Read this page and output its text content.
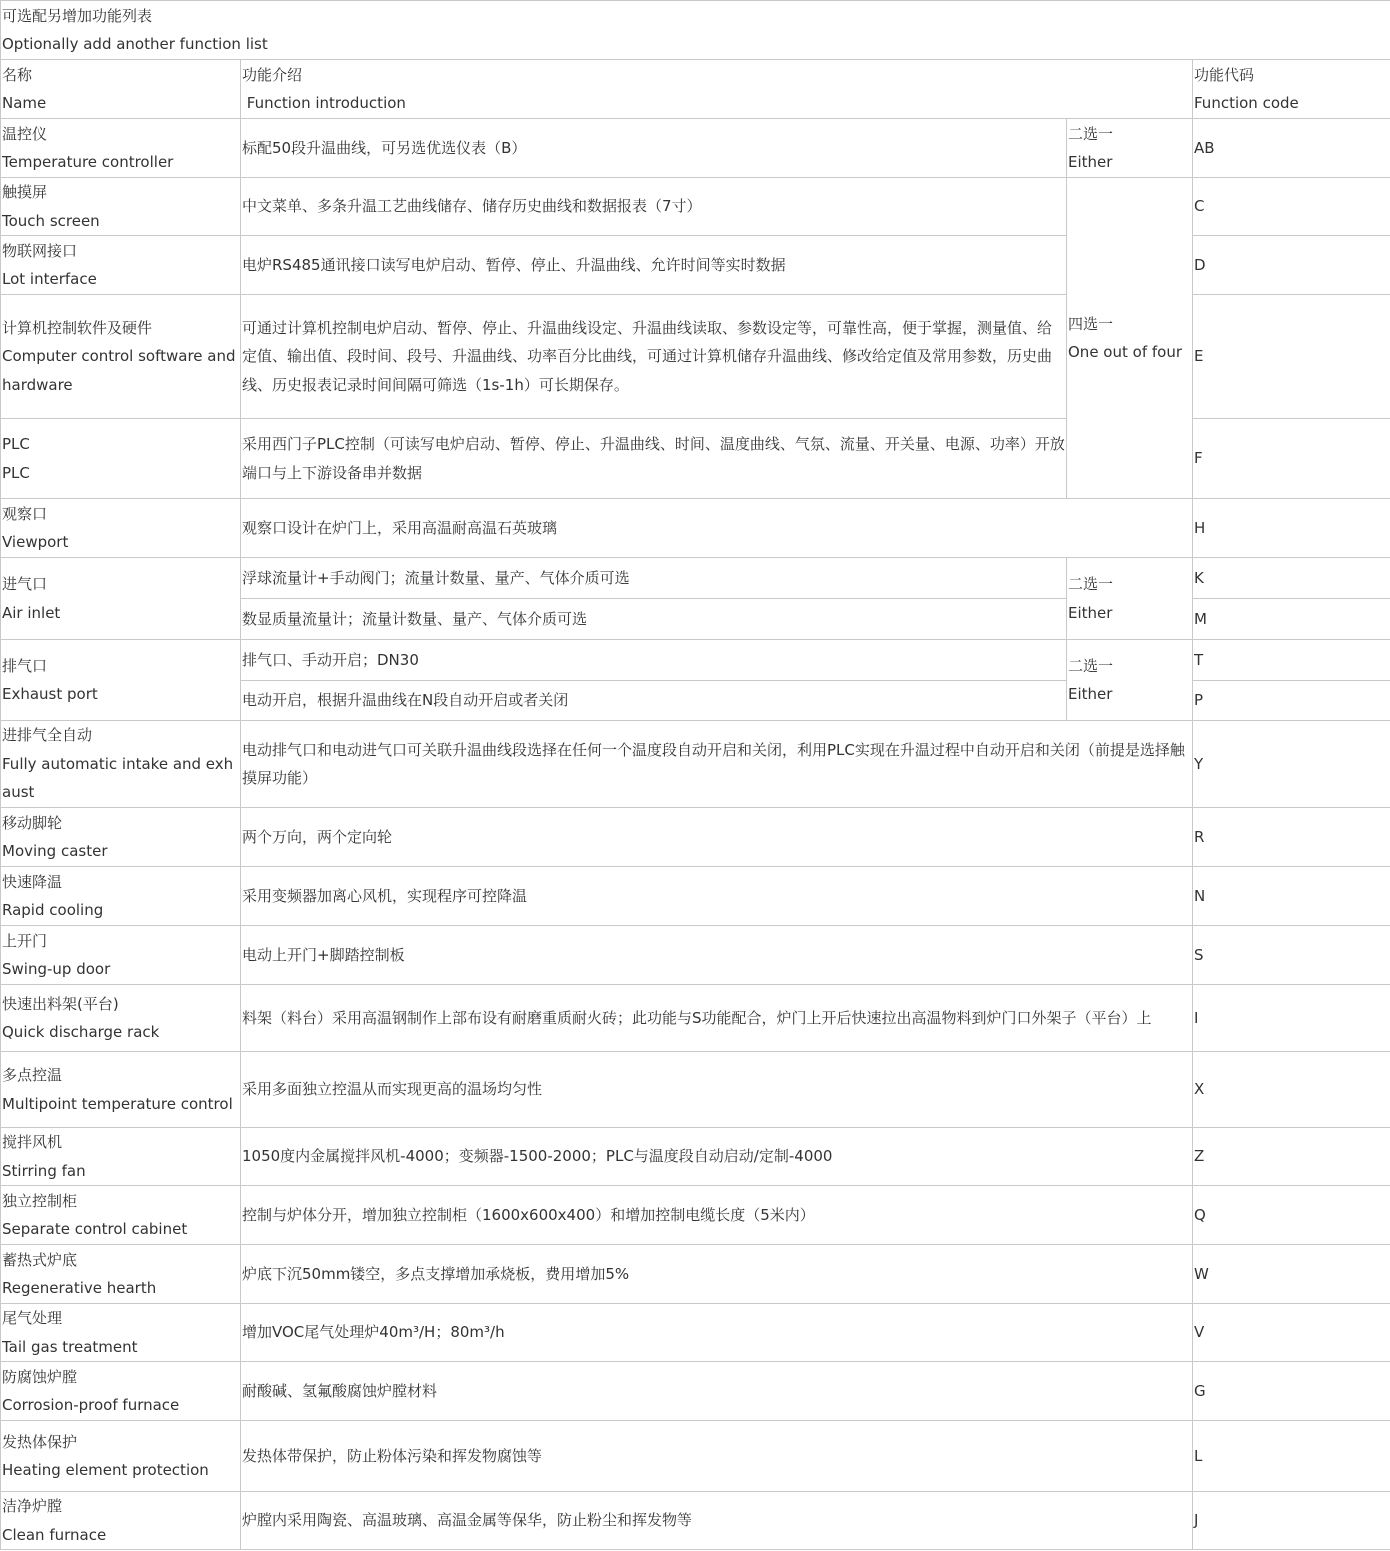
可选配另增加功能列表
Optionally add another function list			

名称
Name	功能介绍
Function introduction		功能代码
Function code

温控仪
Temperature controller	标配50段升温曲线，可另选优选仪表（B）	二选一
Either	AB

触摸屏
Touch screen	中文菜单、多条升温工艺曲线储存、储存历史曲线和数据报表（7寸）	四选一
One out of four	C

物联网接口
Lot interface	电炉RS485通讯接口读写电炉启动、暂停、停止、升温曲线、允许时间等实时数据		D

计算机控制软件及硬件
Computer control software and hardware	可通过计算机控制电炉启动、暂停、停止、升温曲线设定、升温曲线读取、参数设定等，可靠性高，便于掌握，测量值、给定值、输出值、段时间、段号、升温曲线、功率百分比曲线，可通过计算机储存升温曲线、修改给定值及常用参数，历史曲线、历史报表记录时间间隔可筛选（1s-1h）可长期保存。		E

PLC
PLC	采用西门子PLC控制（可读写电炉启动、暂停、停止、升温曲线、时间、温度曲线、气氛、流量、开关量、电源、功率）开放端口与上下游设备串并数据		F

观察口
Viewport	观察口设计在炉门上，采用高温耐高温石英玻璃		H

进气口
Air inlet	浮球流量计+手动阀门；流量计数量、量产、气体介质可选	二选一
Either	K
	数显质量流量计；流量计数量、量产、气体介质可选		M

排气口
Exhaust port	排气口、手动开启；DN30	二选一
Either	T
	电动开启，根据升温曲线在N段自动开启或者关闭		P

进排气全自动
Fully automatic intake and exhaust	电动排气口和电动进气口可关联升温曲线段选择在任何一个温度段自动开启和关闭，利用PLC实现在升温过程中自动开启和关闭（前提是选择触摸屏功能）		Y

移动脚轮
Moving caster	两个万向，两个定向轮		R

快速降温
Rapid cooling	采用变频器加离心风机，实现程序可控降温		N

上开门
Swing-up door	电动上开门+脚踏控制板		S

快速出料架(平台)
Quick discharge rack	料架（料台）采用高温钢制作上部布设有耐磨重质耐火砖；此功能与S功能配合，炉门上开后快速拉出高温物料到炉门口外架子（平台）上		I

多点控温
Multipoint temperature control	采用多面独立控温从而实现更高的温场均匀性		X

搅拌风机
Stirring fan	1050度内金属搅拌风机-4000；变频器-1500-2000；PLC与温度段自动启动/定制-4000		Z

独立控制柜
Separate control cabinet	控制与炉体分开，增加独立控制柜（1600x600x400）和增加控制电缆长度（5米内）		Q

蓄热式炉底
Regenerative hearth	炉底下沉50mm镂空，多点支撑增加承烧板，费用增加5%		W

尾气处理
Tail gas treatment	增加VOC尾气处理炉40m³/H；80m³/h		V

防腐蚀炉膛
Corrosion-proof furnace	耐酸碱、氢氟酸腐蚀炉膛材料		G

发热体保护
Heating element protection	发热体带保护，防止粉体污染和挥发物腐蚀等		L

洁净炉膛
Clean furnace	炉膛内采用陶瓷、高温玻璃、高温金属等保华，防止粉尘和挥发物等		J
